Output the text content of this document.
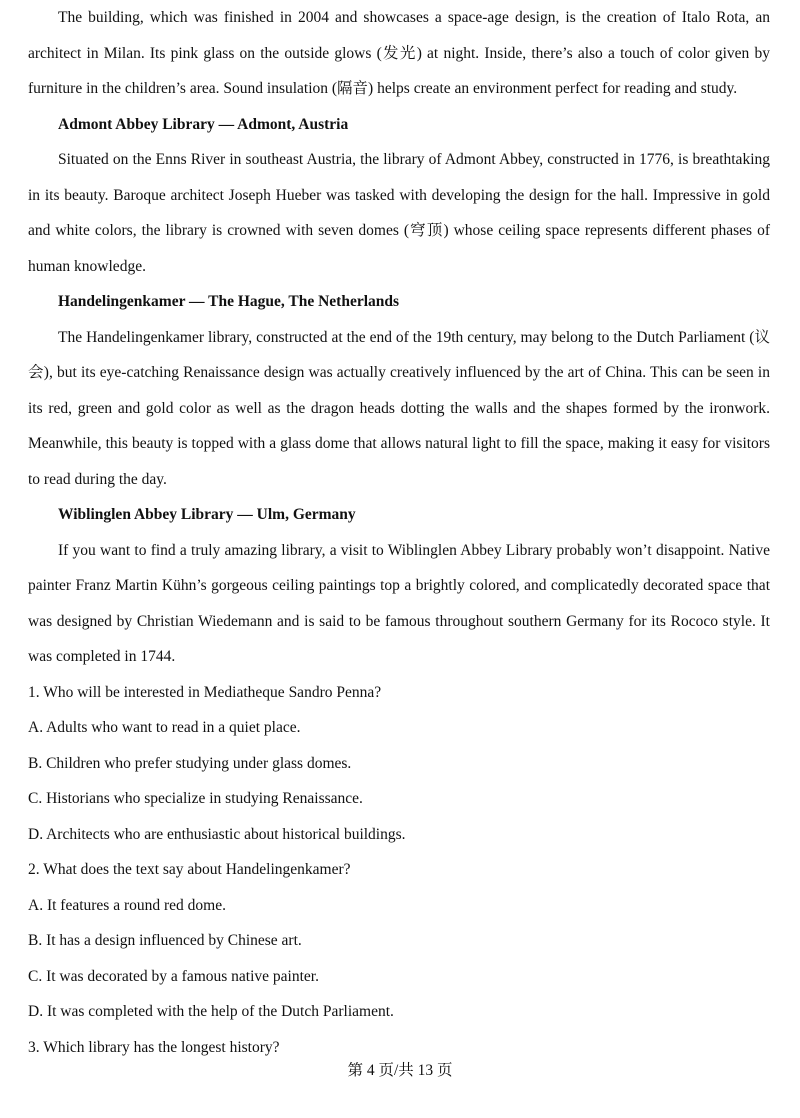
The building, which was finished in 2004 and showcases a space-age design, is the creation of Italo Rota, an architect in Milan. Its pink glass on the outside glows (发光) at night. Inside, there’s also a touch of color given by furniture in the children’s area. Sound insulation (隔音) helps create an environment perfect for reading and study.

Admont Abbey Library — Admont, Austria

Situated on the Enns River in southeast Austria, the library of Admont Abbey, constructed in 1776, is breathtaking in its beauty. Baroque architect Joseph Hueber was tasked with developing the design for the hall. Impressive in gold and white colors, the library is crowned with seven domes (穹顶) whose ceiling space represents different phases of human knowledge.

Handelingenkamer — The Hague, The Netherlands

The Handelingenkamer library, constructed at the end of the 19th century, may belong to the Dutch Parliament (议会), but its eye-catching Renaissance design was actually creatively influenced by the art of China. This can be seen in its red, green and gold color as well as the dragon heads dotting the walls and the shapes formed by the ironwork. Meanwhile, this beauty is topped with a glass dome that allows natural light to fill the space, making it easy for visitors to read during the day.

Wiblinglen Abbey Library — Ulm, Germany

If you want to find a truly amazing library, a visit to Wiblinglen Abbey Library probably won’t disappoint. Native painter Franz Martin Kühn’s gorgeous ceiling paintings top a brightly colored, and complicatedly decorated space that was designed by Christian Wiedemann and is said to be famous throughout southern Germany for its Rococo style. It was completed in 1744.

1. Who will be interested in Mediatheque Sandro Penna?

A. Adults who want to read in a quiet place.

B. Children who prefer studying under glass domes.

C. Historians who specialize in studying Renaissance.

D. Architects who are enthusiastic about historical buildings.

2. What does the text say about Handelingenkamer?

A. It features a round red dome.

B. It has a design influenced by Chinese art.

C. It was decorated by a famous native painter.

D. It was completed with the help of the Dutch Parliament.

3. Which library has the longest history?

第 4 页/共 13 页
